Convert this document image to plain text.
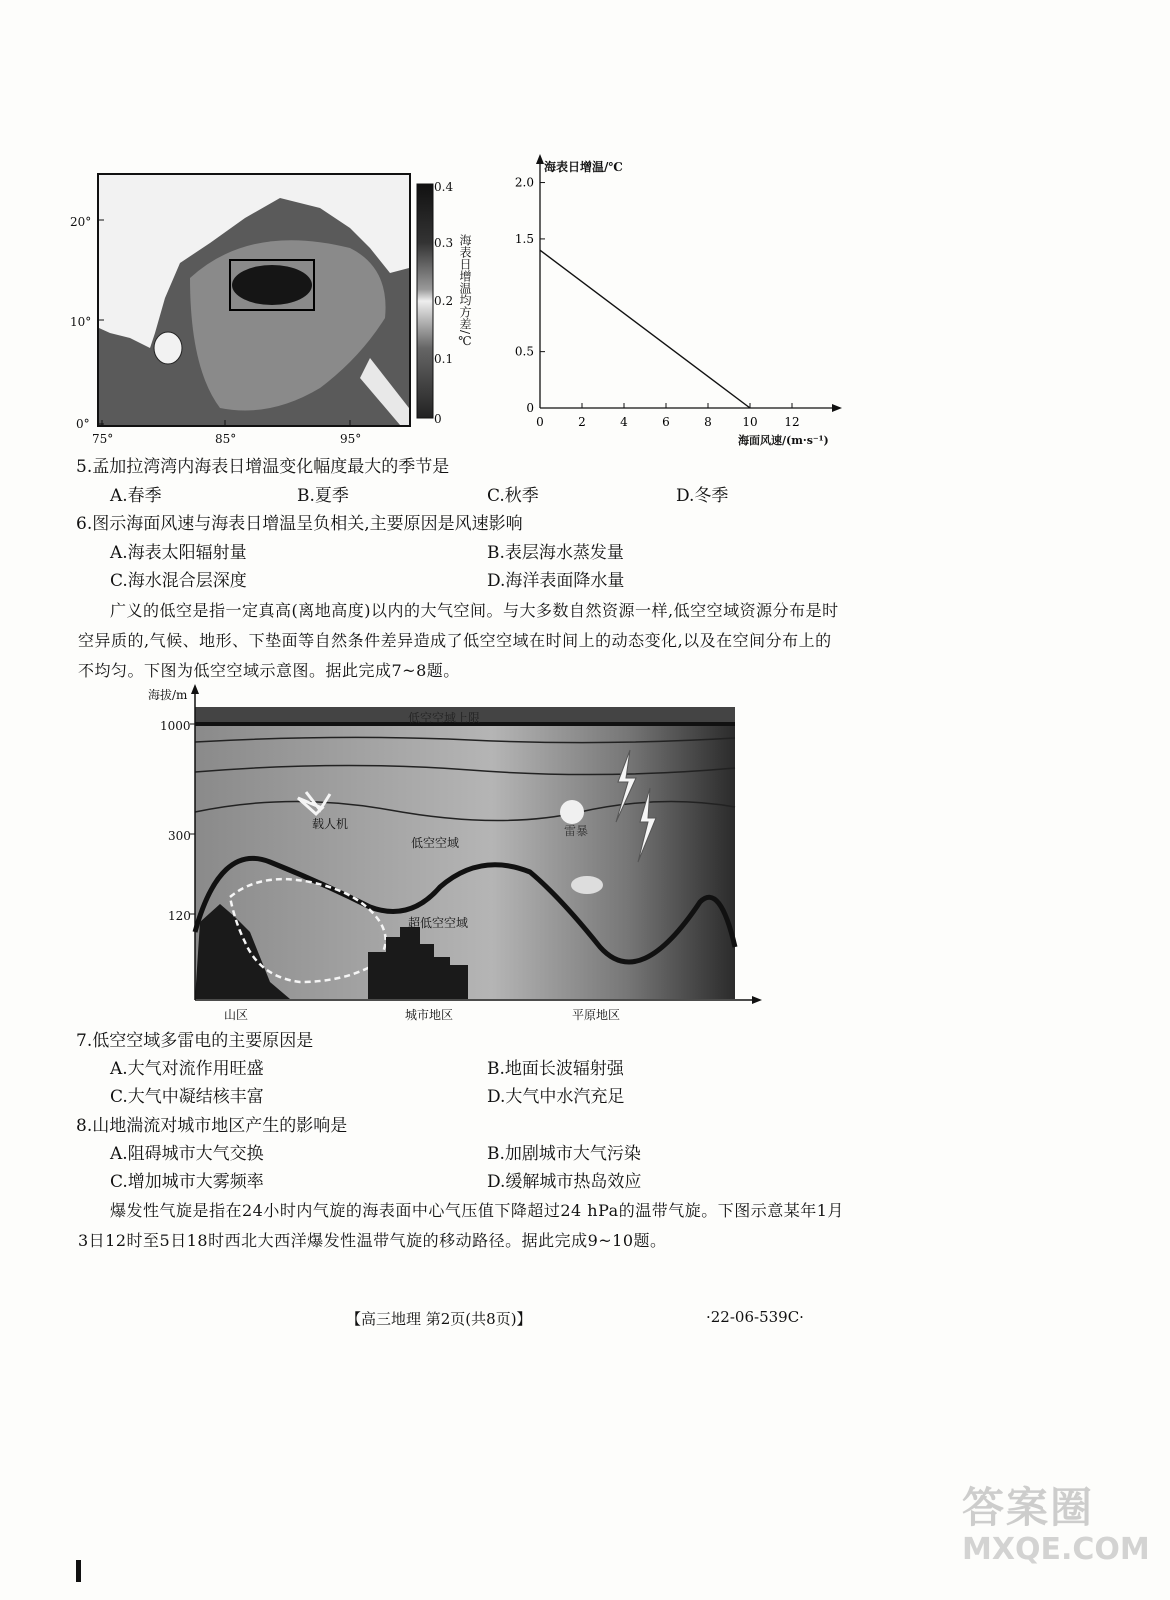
20°
10°
0°
75°	85°	95°
0.4
0.3
0.2
0.1
0
海表日增温均方差/℃
2.0
1.5
0.5
0
0	2	4	6	8	10 12
海表日增温/℃
海面风速/(m·s⁻¹)
5.孟加拉湾湾内海表日增温变化幅度最大的季节是
A.春季	B.夏季	C.秋季	D.冬季
6.图示海面风速与海表日增温呈负相关,主要原因是风速影响
A.海表太阳辐射量	B.表层海水蒸发量
C.海水混合层深度	D.海洋表面降水量
广义的低空是指一定真高(离地高度)以内的大气空间。与大多数自然资源一样,低空空域资源分布是时空异质的,气候、地形、下垫面等自然条件差异造成了低空空域在时间上的动态变化,以及在空间分布上的不均匀。下图为低空空域示意图。据此完成7~8题。
海拔/m
1000
300
120
低空空域上限
载人机
低空空域
超低空空域
雷暴
山区	城市地区	平原地区
7.低空空域多雷电的主要原因是
A.大气对流作用旺盛	B.地面长波辐射强
C.大气中凝结核丰富	D.大气中水汽充足
8.山地湍流对城市地区产生的影响是
A.阻碍城市大气交换	B.加剧城市大气污染
C.增加城市大雾频率	D.缓解城市热岛效应
爆发性气旋是指在24小时内气旋的海表面中心气压值下降超过24 hPa的温带气旋。下图示意某年1月3日12时至5日18时西北大西洋爆发性温带气旋的移动路径。据此完成9~10题。
【高三地理 第2页(共8页)】	·22-06-539C·
答案圈
MXQE.COM
